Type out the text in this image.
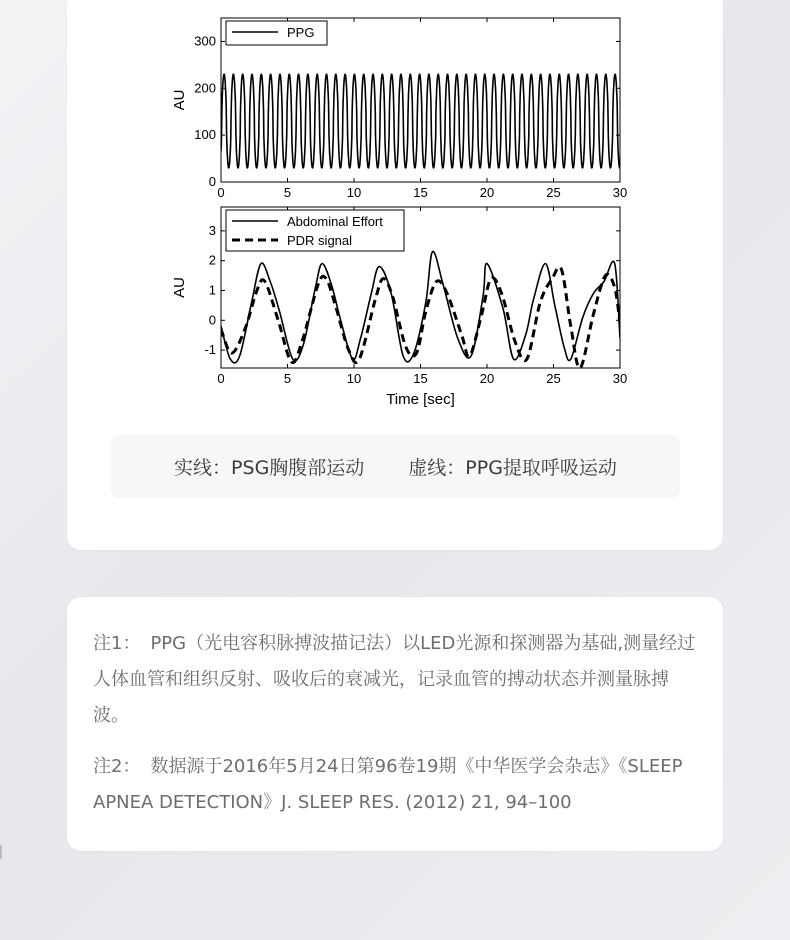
0	5	10	15	20	25	30
0
100
200
300
AU
PPG
0	5	10	15	20	25	30
-1
0
1
2
3
AU
Time [sec]
Abdominal Effort
PDR signal
实线：PSG胸腹部运动 虚线：PPG提取呼吸运动
注1： PPG（光电容积脉搏波描记法）以LED光源和探测器为基础,测量经过人体血管和组织反射、吸收后的衰减光，记录血管的搏动状态并测量脉搏波。
注2： 数据源于2016年5月24日第96卷19期《中华医学会杂志》《SLEEP APNEA DETECTION》J. SLEEP RES. (2012) 21, 94–100
